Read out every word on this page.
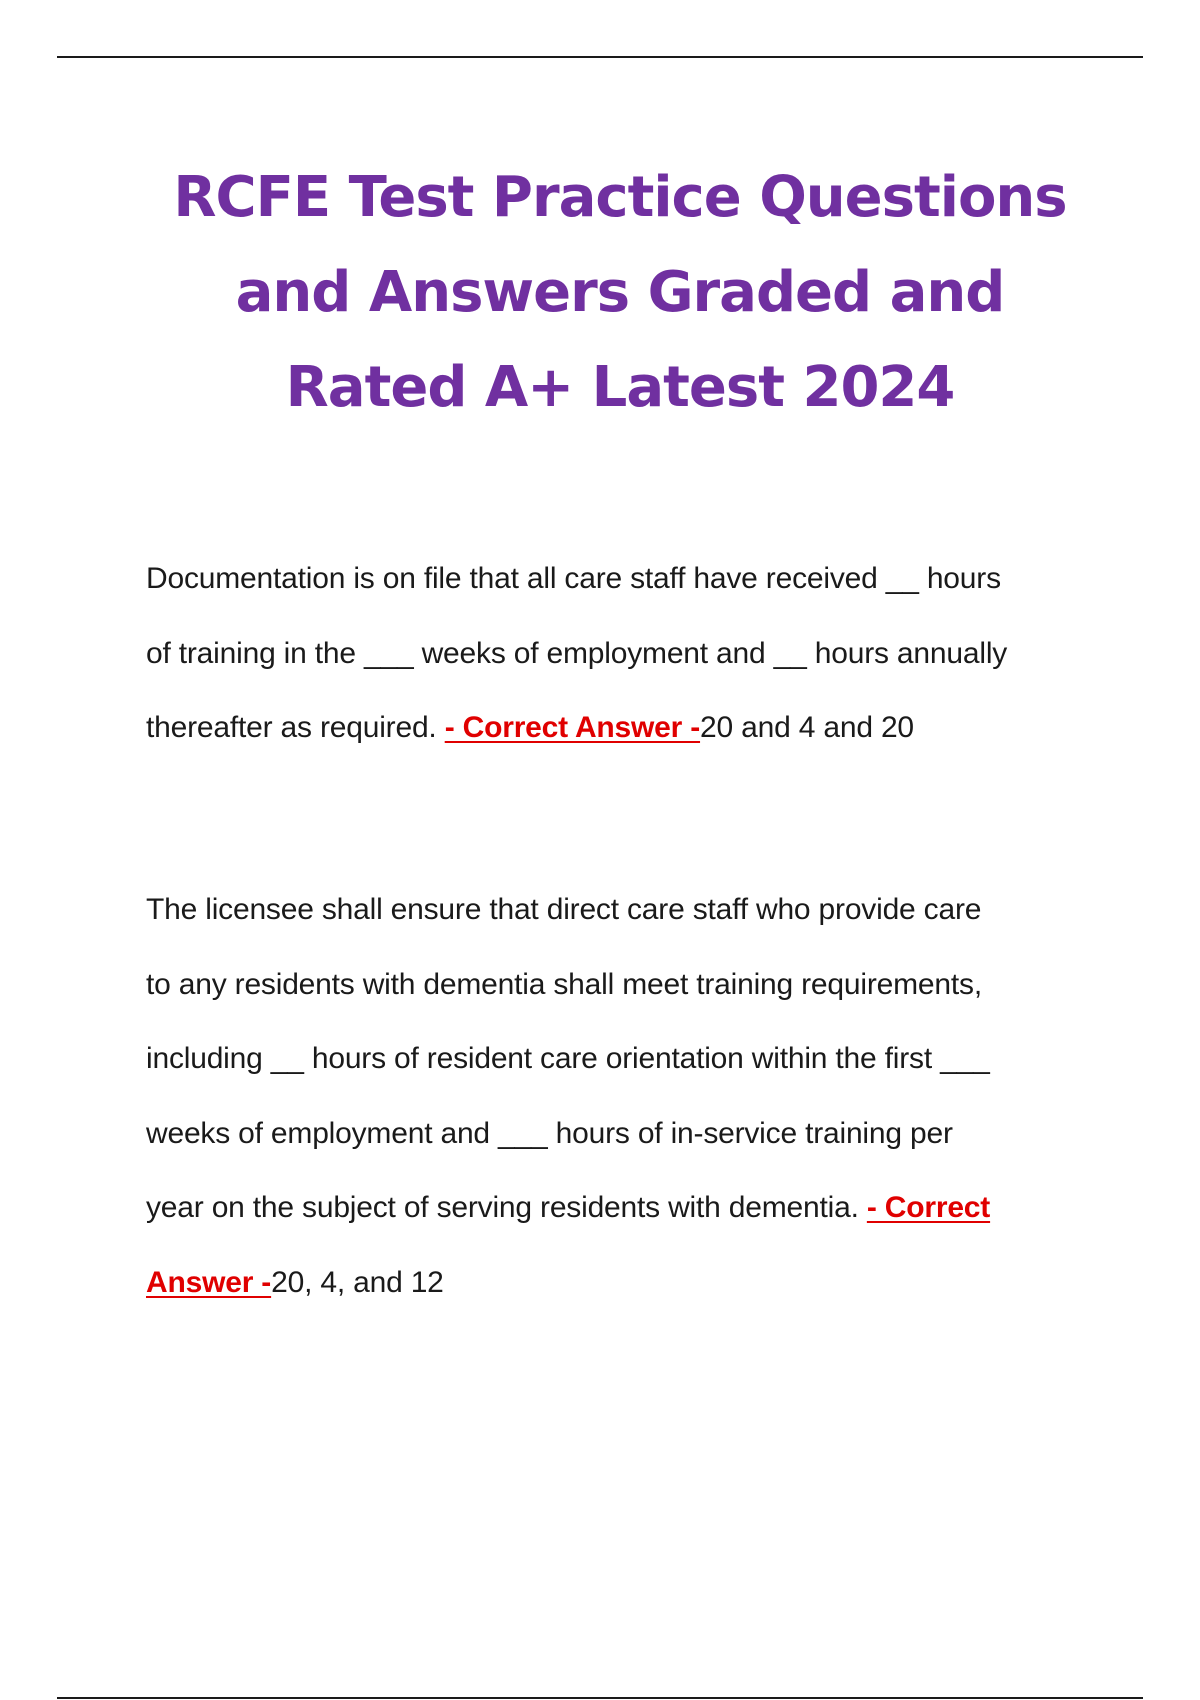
RCFE Test Practice Questions
and Answers Graded and
Rated A+ Latest 2024

Documentation is on file that all care staff have received __ hours
of training in the ___ weeks of employment and __ hours annually
thereafter as required. - Correct Answer -20 and 4 and 20

The licensee shall ensure that direct care staff who provide care
to any residents with dementia shall meet training requirements,
including __ hours of resident care orientation within the first ___
weeks of employment and ___ hours of in-service training per
year on the subject of serving residents with dementia. - Correct
Answer -20, 4, and 12
